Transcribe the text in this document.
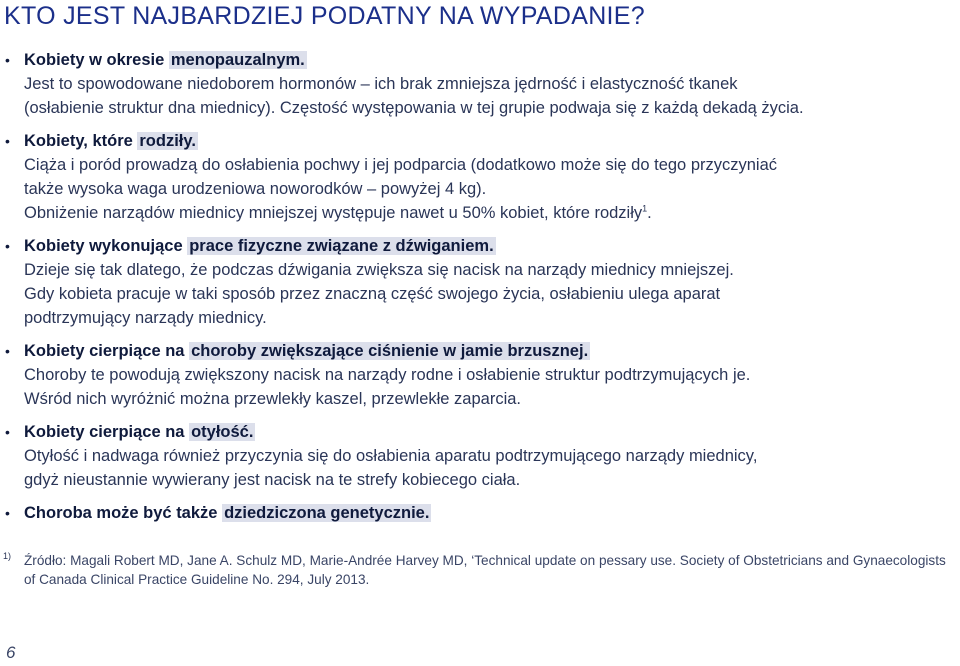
KTO JEST NAJBARDZIEJ PODATNY NA WYPADANIE?
• Kobiety w okresie menopauzalnym.
Jest to spowodowane niedoborem hormonów – ich brak zmniejsza jędrność i elastyczność tkanek
(osłabienie struktur dna miednicy). Częstość występowania w tej grupie podwaja się z każdą dekadą życia.
• Kobiety, które rodziły.
Ciąża i poród prowadzą do osłabienia pochwy i jej podparcia (dodatkowo może się do tego przyczyniać
także wysoka waga urodzeniowa noworodków – powyżej 4 kg).
Obniżenie narządów miednicy mniejszej występuje nawet u 50% kobiet, które rodziły$^1$.
• Kobiety wykonujące prace fizyczne związane z dźwiganiem.
Dzieje się tak dlatego, że podczas dźwigania zwiększa się nacisk na narządy miednicy mniejszej.
Gdy kobieta pracuje w taki sposób przez znaczną część swojego życia, osłabieniu ulega aparat
podtrzymujący narządy miednicy.
• Kobiety cierpiące na choroby zwiększające ciśnienie w jamie brzusznej.
Choroby te powodują zwiększony nacisk na narządy rodne i osłabienie struktur podtrzymujących je.
Wśród nich wyróżnić można przewlekły kaszel, przewlekłe zaparcia.
• Kobiety cierpiące na otyłość.
Otyłość i nadwaga również przyczynia się do osłabienia aparatu podtrzymującego narządy miednicy,
gdyż nieustannie wywierany jest nacisk na te strefy kobiecego ciała.
• Choroba może być także dziedziczona genetycznie.
1) Źródło: Magali Robert MD, Jane A. Schulz MD, Marie-Andrée Harvey MD, ‘Technical update on pessary use. Society of Obstetricians and Gynaecologists
of Canada Clinical Practice Guideline No. 294, July 2013.
6
